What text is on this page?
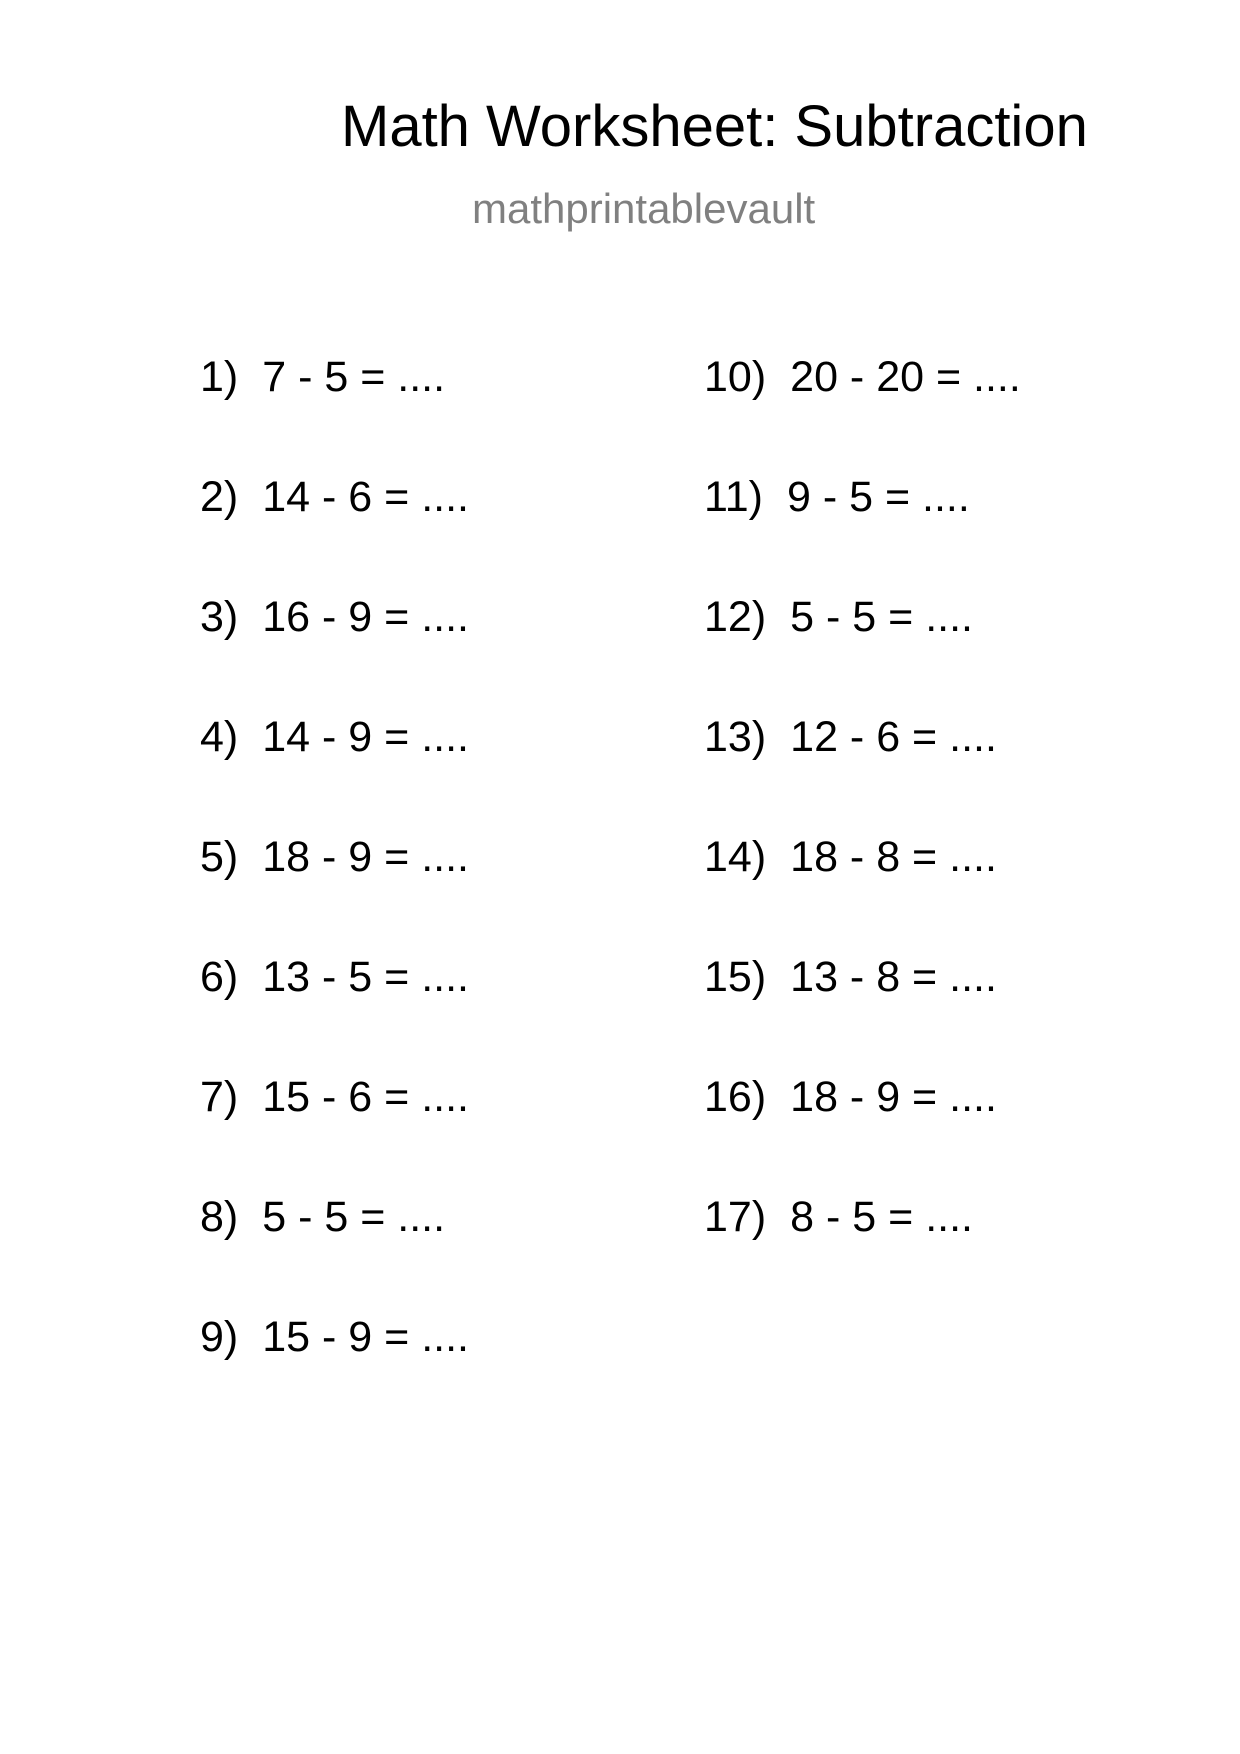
Math Worksheet: Subtraction
mathprintablevault
1) 7 - 5 = ....
2) 14 - 6 = ....
3) 16 - 9 = ....
4) 14 - 9 = ....
5) 18 - 9 = ....
6) 13 - 5 = ....
7) 15 - 6 = ....
8) 5 - 5 = ....
9) 15 - 9 = ....
10) 20 - 20 = ....
11) 9 - 5 = ....
12) 5 - 5 = ....
13) 12 - 6 = ....
14) 18 - 8 = ....
15) 13 - 8 = ....
16) 18 - 9 = ....
17) 8 - 5 = ....
